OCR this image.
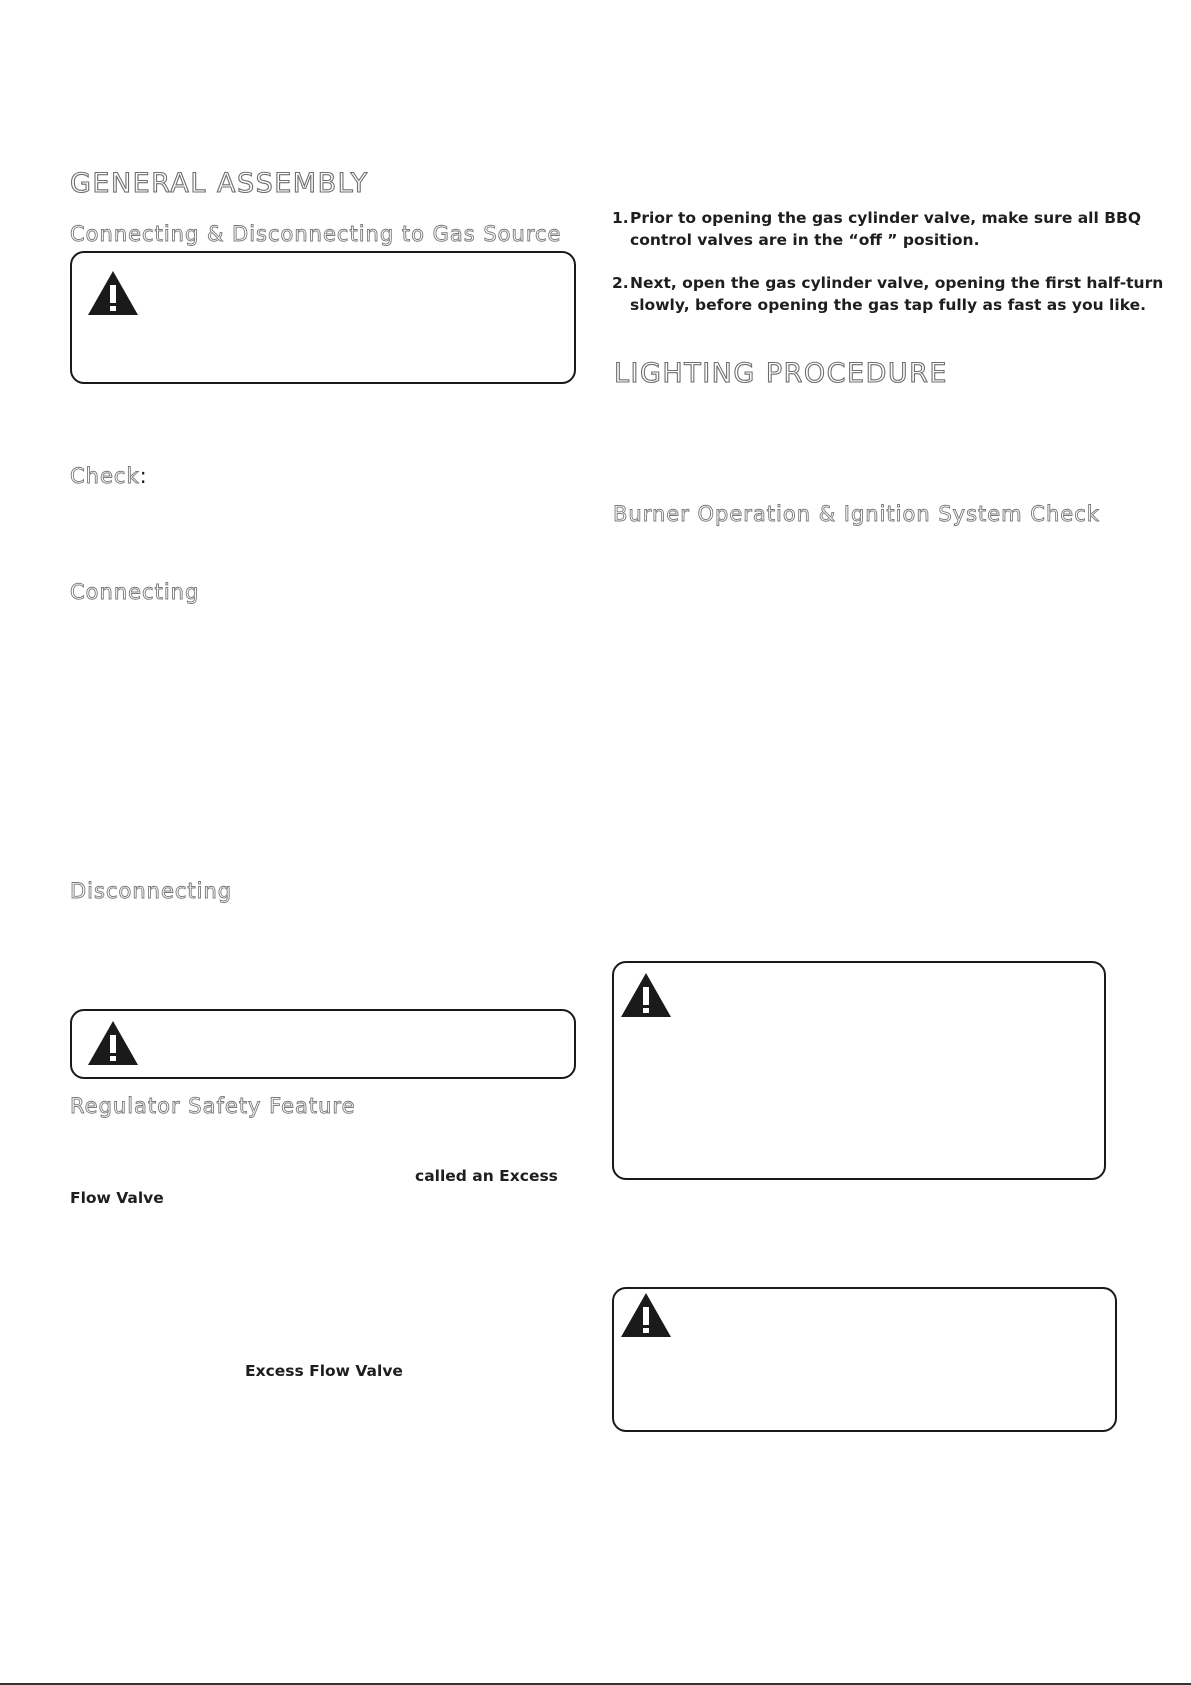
GENERAL ASSEMBLY
Connecting & Disconnecting to Gas Source
Check:
Connecting
Disconnecting
Regulator Safety Feature
called an Excess
Flow Valve
Excess Flow Valve
1.Prior to opening the gas cylinder valve, make sure all BBQ
control valves are in the “off ” position.
2.Next, open the gas cylinder valve, opening the first half-turn
slowly, before opening the gas tap fully as fast as you like.
LIGHTING PROCEDURE
Burner Operation & Ignition System Check
